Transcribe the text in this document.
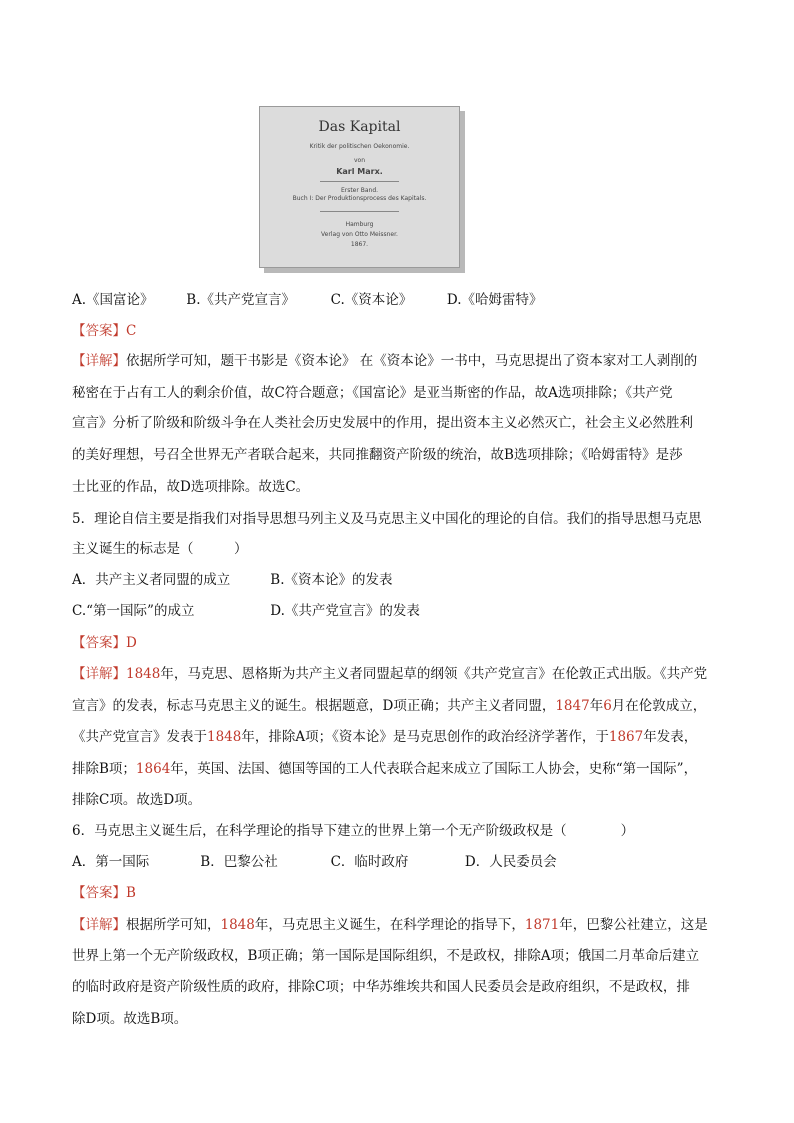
Das Kapital
Kritik der politischen Oekonomie.
von
Karl Marx.
Erster Band.
Buch I: Der Produktionsprocess des Kapitals.
Hamburg
Verlag von Otto Meissner.
1867.
A.《国富论》 B.《共产党宣言》	C.《资本论》	D.《哈姆雷特》
【答案】C
【详解】依据所学可知，题干书影是《资本论》 在《资本论》一书中，马克思提出了资本家对工人剥削的
秘密在于占有工人的剩余价值，故C符合题意；《国富论》是亚当斯密的作品，故A选项排除；《共产党
宣言》分析了阶级和阶级斗争在人类社会历史发展中的作用，提出资本主义必然灭亡，社会主义必然胜利
的美好理想，号召全世界无产者联合起来，共同推翻资产阶级的统治，故B选项排除；《哈姆雷特》是莎
士比亚的作品，故D选项排除。故选C。
5．理论自信主要是指我们对指导思想马列主义及马克思主义中国化的理论的自信。我们的指导思想马克思
主义诞生的标志是（　　　）
A．共产主义者同盟的成立	B.《资本论》的发表
C.“第一国际”的成立	D.《共产党宣言》的发表
【答案】D
【详解】1848年，马克思、恩格斯为共产主义者同盟起草的纲领《共产党宣言》在伦敦正式出版。《共产党
宣言》的发表，标志马克思主义的诞生。根据题意，D项正确；共产主义者同盟，1847年6月在伦敦成立，
《共产党宣言》发表于1848年，排除A项；《资本论》是马克思创作的政治经济学著作，于1867年发表，
排除B项；1864年，英国、法国、德国等国的工人代表联合起来成立了国际工人协会，史称“第一国际”，
排除C项。故选D项。
6．马克思主义诞生后，在科学理论的指导下建立的世界上第一个无产阶级政权是（　　　　）
A．第一国际	B．巴黎公社	C．临时政府	D．人民委员会
【答案】B
【详解】根据所学可知，1848年，马克思主义诞生，在科学理论的指导下，1871年，巴黎公社建立，这是
世界上第一个无产阶级政权，B项正确；第一国际是国际组织，不是政权，排除A项；俄国二月革命后建立
的临时政府是资产阶级性质的政府，排除C项；中华苏维埃共和国人民委员会是政府组织，不是政权，排
除D项。故选B项。
